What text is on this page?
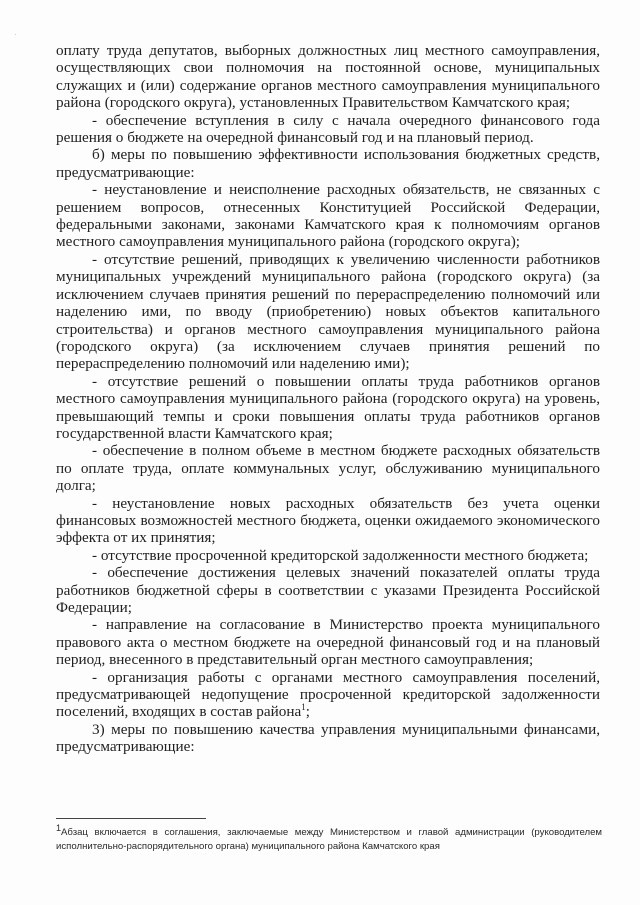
·

оплату труда депутатов, выборных должностных лиц местного самоуправления, осуществляющих свои полномочия на постоянной основе, муниципальных служащих и (или) содержание органов местного самоуправления муниципального района (городского округа), установленных Правительством Камчатского края;

- обеспечение вступления в силу с начала очередного финансового года решения о бюджете на очередной финансовый год и на плановый период.

б) меры по повышению эффективности использования бюджетных средств, предусматривающие:

- неустановление и неисполнение расходных обязательств, не связанных с решением вопросов, отнесенных Конституцией Российской Федерации, федеральными законами, законами Камчатского края к полномочиям органов местного самоуправления муниципального района (городского округа);

- отсутствие решений, приводящих к увеличению численности работников муниципальных учреждений муниципального района (городского округа) (за исключением случаев принятия решений по перераспределению полномочий или наделению ими, по вводу (приобретению) новых объектов капитального строительства) и органов местного самоуправления муниципального района (городского округа) (за исключением случаев принятия решений по перераспределению полномочий или наделению ими);

- отсутствие решений о повышении оплаты труда работников органов местного самоуправления муниципального района (городского округа) на уровень, превышающий темпы и сроки повышения оплаты труда работников органов государственной власти Камчатского края;

- обеспечение в полном объеме в местном бюджете расходных обязательств по оплате труда, оплате коммунальных услуг, обслуживанию муниципального долга;

- неустановление новых расходных обязательств без учета оценки финансовых возможностей местного бюджета, оценки ожидаемого экономического эффекта от их принятия;

- отсутствие просроченной кредиторской задолженности местного бюджета;

- обеспечение достижения целевых значений показателей оплаты труда работников бюджетной сферы в соответствии с указами Президента Российской Федерации;

- направление на согласование в Министерство проекта муниципального правового акта о местном бюджете на очередной финансовый год и на плановый период, внесенного в представительный орган местного самоуправления;

- организация работы с органами местного самоуправления поселений, предусматривающей недопущение просроченной кредиторской задолженности поселений, входящих в состав района$^1$;

3) меры по повышению качества управления муниципальными финансами, предусматривающие:

$^1$Абзац включается в соглашения, заключаемые между Министерством и главой администрации (руководителем исполнительно-распорядительного органа) муниципального района Камчатского края
